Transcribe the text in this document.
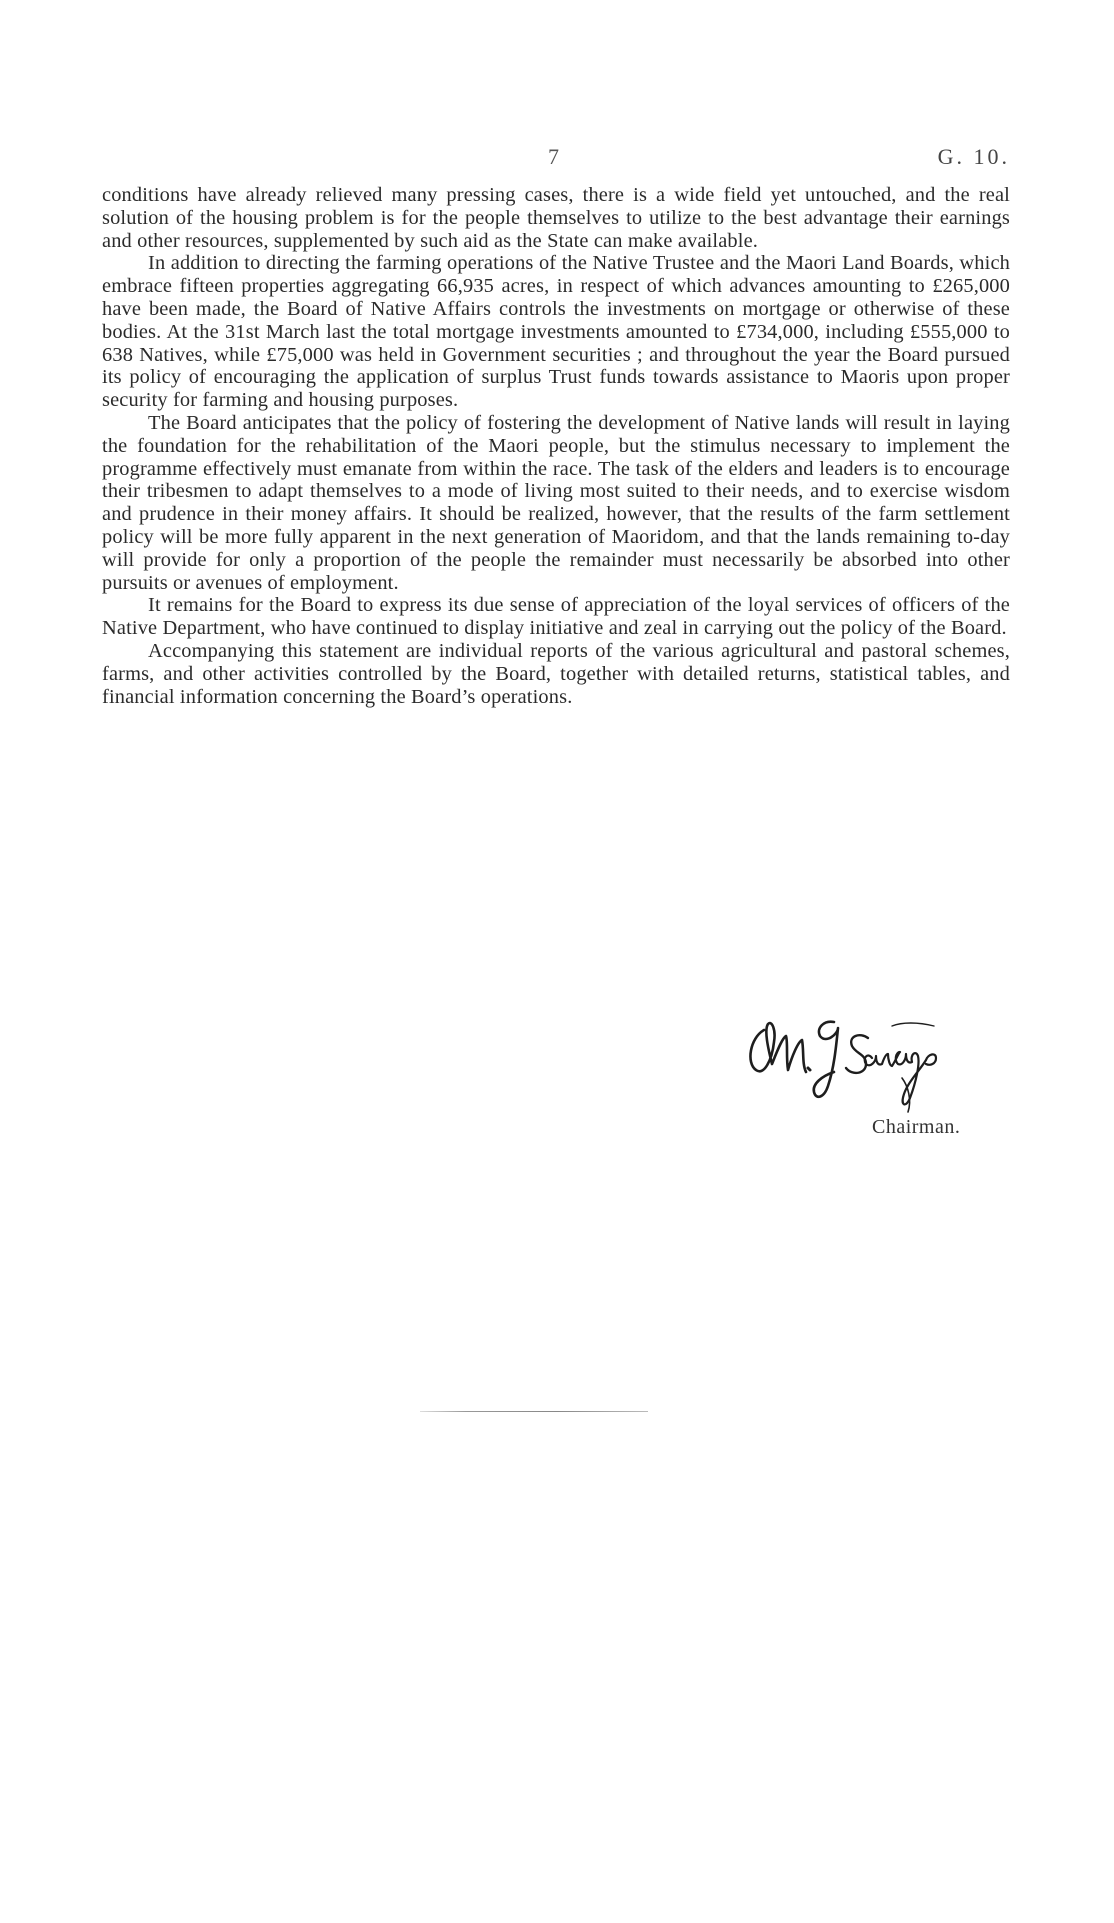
7	G. 10.

conditions have already relieved many pressing cases, there is a wide field yet untouched, and the real solution of the housing problem is for the people themselves to utilize to the best advantage their earnings and other resources, supplemented by such aid as the State can make available.

In addition to directing the farming operations of the Native Trustee and the Maori Land Boards, which embrace fifteen properties aggregating 66,935 acres, in respect of which advances amounting to £265,000 have been made, the Board of Native Affairs controls the investments on mortgage or otherwise of these bodies. At the 31st March last the total mortgage investments amounted to £734,000, including £555,000 to 638 Natives, while £75,000 was held in Government securities ; and throughout the year the Board pursued its policy of encouraging the application of surplus Trust funds towards assistance to Maoris upon proper security for farming and housing purposes.

The Board anticipates that the policy of fostering the development of Native lands will result in laying the foundation for the rehabilitation of the Maori people, but the stimulus necessary to implement the programme effectively must emanate from within the race. The task of the elders and leaders is to encourage their tribesmen to adapt themselves to a mode of living most suited to their needs, and to exercise wisdom and prudence in their money affairs. It should be realized, however, that the results of the farm settlement policy will be more fully apparent in the next generation of Maoridom, and that the lands remaining to-day will provide for only a proportion of the people the remainder must necessarily be absorbed into other pursuits or avenues of employment.

It remains for the Board to express its due sense of appreciation of the loyal services of officers of the Native Department, who have continued to display initiative and zeal in carrying out the policy of the Board.

Accompanying this statement are individual reports of the various agricultural and pastoral schemes, farms, and other activities controlled by the Board, together with detailed returns, statistical tables, and financial information concerning the Board’s operations.

Chairman.
